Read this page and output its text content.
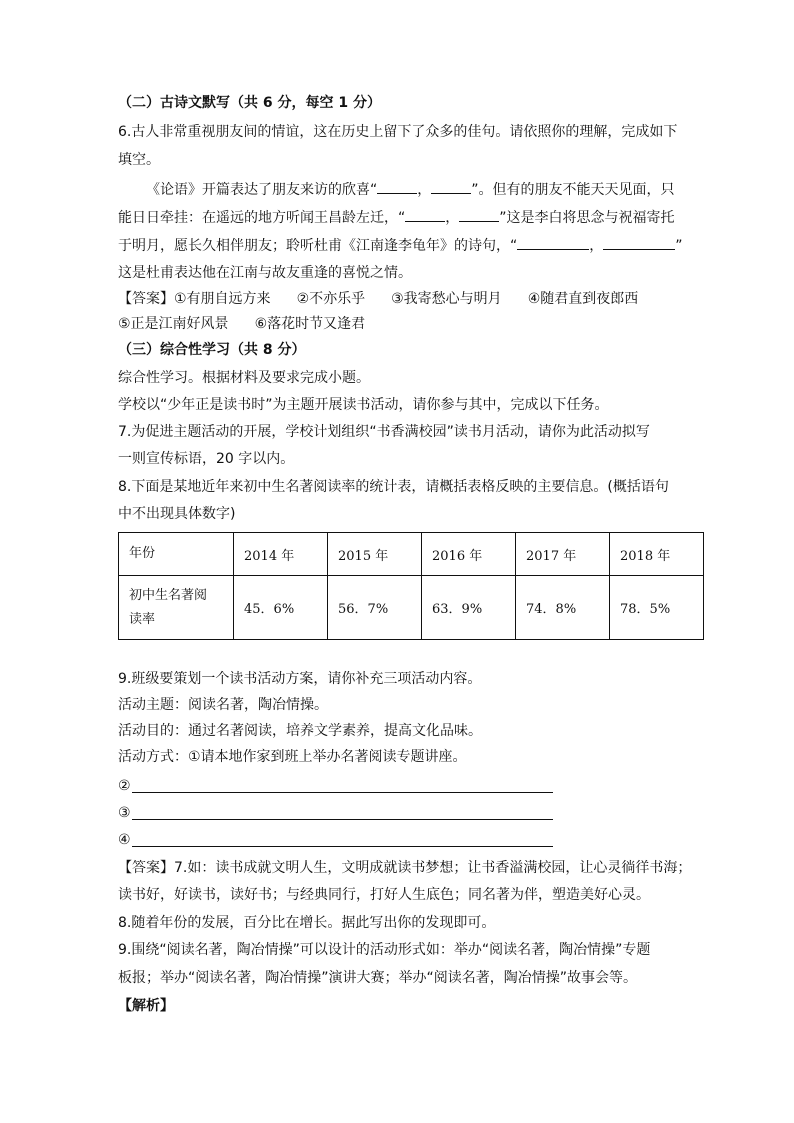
（二）古诗文默写（共 6 分，每空 1 分）
6.古人非常重视朋友间的情谊，这在历史上留下了众多的佳句。请依照你的理解，完成如下
填空。
《论语》开篇表达了朋友来访的欣喜“	，	”。但有的朋友不能天天见面，只
能日日牵挂：在遥远的地方听闻王昌龄左迁，“	，	”这是李白将思念与祝福寄托
于明月，愿长久相伴朋友；聆听杜甫《江南逢李龟年》的诗句，“	，	”
这是杜甫表达他在江南与故友重逢的喜悦之情。
【答案】①有朋自远方来 ②不亦乐乎 ③我寄愁心与明月 ④随君直到夜郎西
⑤正是江南好风景 ⑥落花时节又逢君
（三）综合性学习（共 8 分）
综合性学习。根据材料及要求完成小题。
学校以“少年正是读书时”为主题开展读书活动，请你参与其中，完成以下任务。
7.为促进主题活动的开展，学校计划组织“书香满校园”读书月活动，请你为此活动拟写
一则宣传标语，20 字以内。
8.下面是某地近年来初中生名著阅读率的统计表，请概括表格反映的主要信息。(概括语句
中不出现具体数字)
年份	2014 年	2015 年	2016 年	2017 年	2018 年

初中生名著阅
读率	45．6%	56．7%	63．9%	74．8%	78．5%
9.班级要策划一个读书活动方案，请你补充三项活动内容。
活动主题：阅读名著，陶冶情操。
活动目的：通过名著阅读，培养文学素养，提高文化品味。
活动方式：①请本地作家到班上举办名著阅读专题讲座。
②
③
④
【答案】7.如：读书成就文明人生，文明成就读书梦想；让书香溢满校园，让心灵徜徉书海；
读书好，好读书，读好书；与经典同行，打好人生底色；同名著为伴，塑造美好心灵。
8.随着年份的发展，百分比在增长。据此写出你的发现即可。
9.围绕“阅读名著，陶冶情操”可以设计的活动形式如：举办“阅读名著，陶冶情操”专题
板报；举办“阅读名著，陶冶情操”演讲大赛；举办“阅读名著，陶冶情操”故事会等。
【解析】
